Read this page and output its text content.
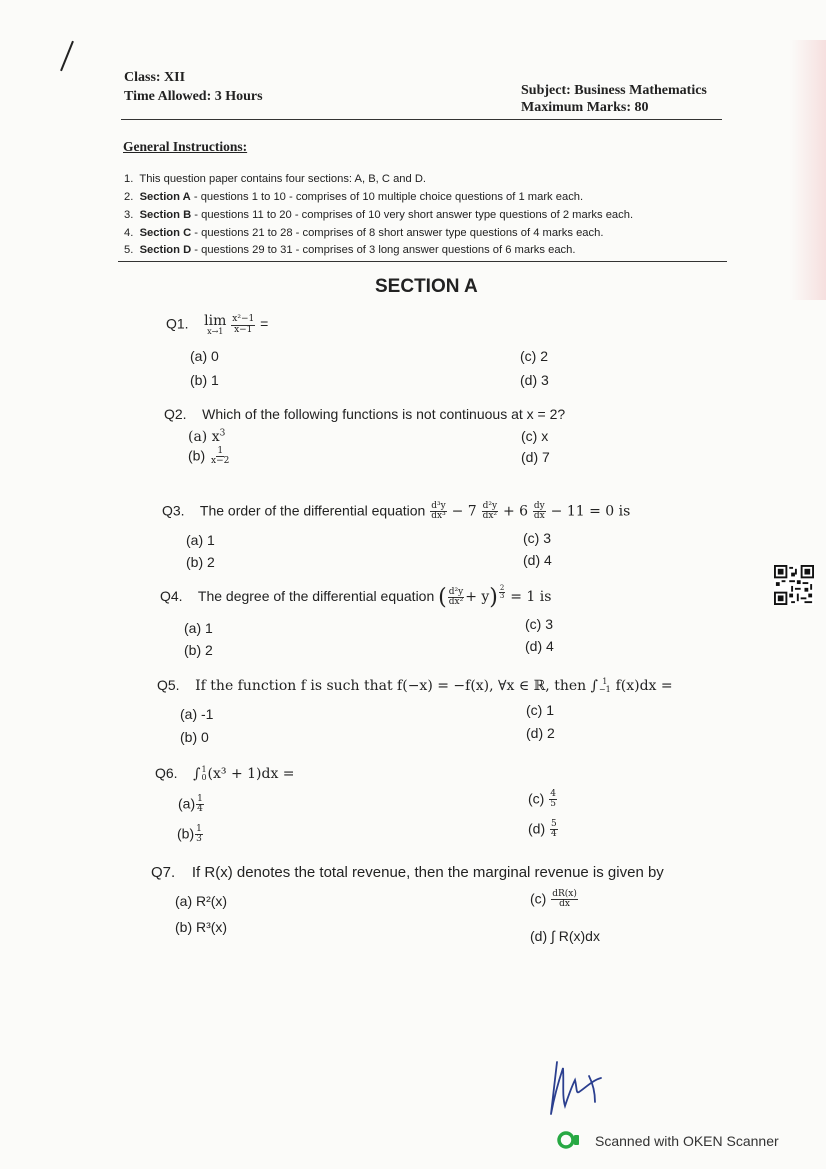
Class: XII
Time Allowed: 3 Hours	Subject: Business Mathematics
Maximum Marks: 80
General Instructions:
1. This question paper contains four sections: A, B, C and D.
2. Section A - questions 1 to 10 - comprises of 10 multiple choice questions of 1 mark each.
3. Section B - questions 11 to 20 - comprises of 10 very short answer type questions of 2 marks each.
4. Section C - questions 21 to 28 - comprises of 8 short answer type questions of 4 marks each.
5. Section D - questions 29 to 31 - comprises of 3 long answer questions of 6 marks each.
SECTION A
Q1. lim
x→1
$\frac{\text{x²−1}}{x-1}$ =
(a) 0
(b) 1
(c) 2
(d) 3
Q2. Which of the following functions is not continuous at x = 2?
(a) $x^3$
$(b) \frac{1}{x-2}$
(c) x
(d) 7
Q3. The order of the differential equation $\frac{\text{d³y}}{\text{dx³}} - 7 \frac{\text{d²y}}{\text{dx²}} + 6 \frac{dy}{dx} - 11 = 0$ is
(a) 1
(b) 2
(c) 3
(d) 4
Q4. The degree of the differential equation ( $\frac{\text{d²y}}{\text{dx²}} + y) \frac{2}{3} = 1$ is
(a) 1
(b) 2
(c) 3
(d) 4
Q5. If the function f is such that f(−x) = −f(x), ∀x ∈ ℝ, then ∫ 1
−1 f(x)dx =
(a) -1
(b) 0
(c) 1
(d) 2
Q6. ∫ 1
0 (x³ + 1)dx =
$(a) \frac{1}{4}$
$(b) \frac{1}{3}$
$(c) \frac{4}{5}$
$(d) \frac{5}{4}$
Q7. If R(x) denotes the total revenue, then the marginal revenue is given by
(a) R²(x)
(b) R³(x)
$(c) \frac{dR(x)}{dx}$
(d) ∫ R(x)dx
Scanned with OKEN Scanner
